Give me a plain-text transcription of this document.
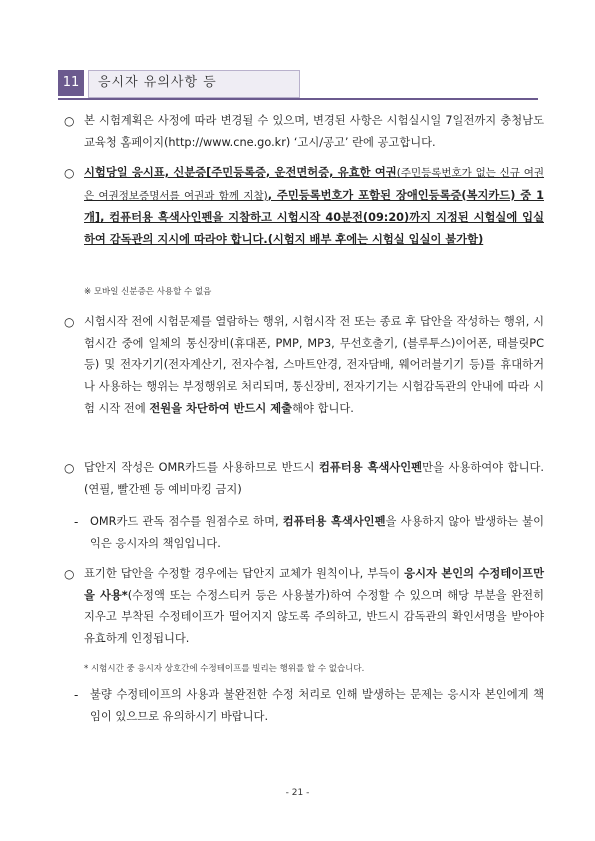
11	응시자 유의사항 등
○ 본 시험계획은 사정에 따라 변경될 수 있으며, 변경된 사항은 시험실시일 7일전까지 충청남도교육청 홈페이지(http://www.cne.go.kr) ‘고시/공고’ 란에 공고합니다.
○ 시험당일 응시표, 신분증[주민등록증, 운전면허증, 유효한 여권(주민등록번호가 없는 신규 여권은 여권정보증명서를 여권과 함께 지참), 주민등록번호가 포함된 장애인등록증(복지카드) 중 1개], 컴퓨터용 흑색사인펜을 지참하고 시험시작 40분전(09:20)까지 지정된 시험실에 입실하여 감독관의 지시에 따라야 합니다.(시험지 배부 후에는 시험실 입실이 불가함)
※ 모바일 신분증은 사용할 수 없음
○ 시험시작 전에 시험문제를 열람하는 행위, 시험시작 전 또는 종료 후 답안을 작성하는 행위, 시험시간 중에 일체의 통신장비(휴대폰, PMP, MP3, 무선호출기, (블루투스)이어폰, 태블릿PC 등) 및 전자기기(전자계산기, 전자수첩, 스마트안경, 전자담배, 웨어러블기기 등)를 휴대하거나 사용하는 행위는 부정행위로 처리되며, 통신장비, 전자기기는 시험감독관의 안내에 따라 시험 시작 전에 전원을 차단하여 반드시 제출해야 합니다.
○ 답안지 작성은 OMR카드를 사용하므로 반드시 컴퓨터용 흑색사인펜만을 사용하여야 합니다.(연필, 빨간펜 등 예비마킹 금지)
- OMR카드 관독 점수를 원점수로 하며, 컴퓨터용 흑색사인펜을 사용하지 않아 발생하는 불이익은 응시자의 책임입니다.
○ 표기한 답안을 수정할 경우에는 답안지 교체가 원칙이나, 부득이 응시자 본인의 수정테이프만을 사용*(수정액 또는 수정스티커 등은 사용불가)하여 수정할 수 있으며 해당 부분을 완전히 지우고 부착된 수정테이프가 떨어지지 않도록 주의하고, 반드시 감독관의 확인서명을 받아야 유효하게 인정됩니다.
* 시험시간 중 응시자 상호간에 수정테이프를 빌리는 행위를 할 수 없습니다.
- 불량 수정테이프의 사용과 불완전한 수정 처리로 인해 발생하는 문제는 응시자 본인에게 책임이 있으므로 유의하시기 바랍니다.
- 21 -
